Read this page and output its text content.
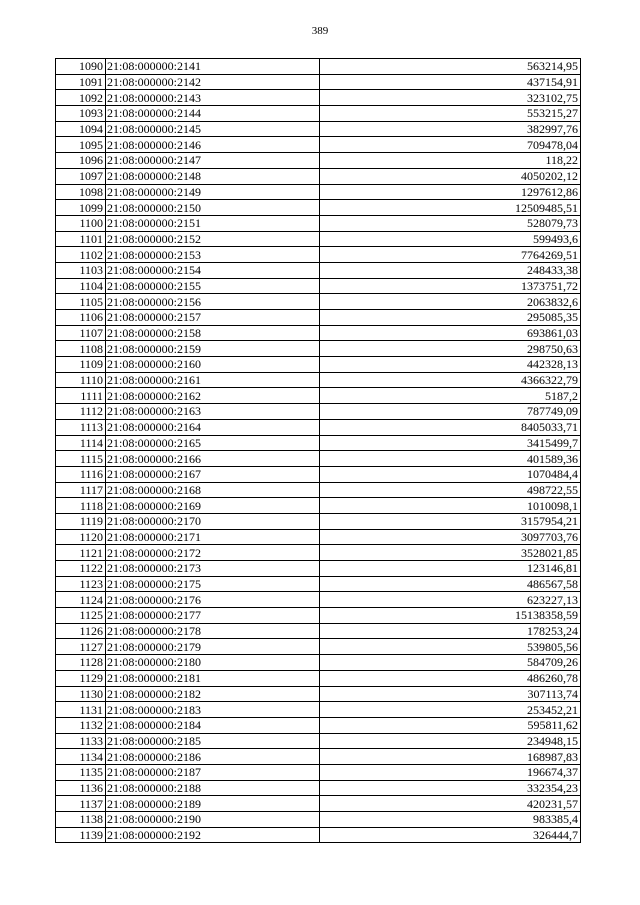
389
1090	21:08:000000:2141	563214,95
1091	21:08:000000:2142	437154,91
1092	21:08:000000:2143	323102,75
1093	21:08:000000:2144	553215,27
1094	21:08:000000:2145	382997,76
1095	21:08:000000:2146	709478,04
1096	21:08:000000:2147	118,22
1097	21:08:000000:2148	4050202,12
1098	21:08:000000:2149	1297612,86
1099	21:08:000000:2150	12509485,51
1100	21:08:000000:2151	528079,73
1101	21:08:000000:2152	599493,6
1102	21:08:000000:2153	7764269,51
1103	21:08:000000:2154	248433,38
1104	21:08:000000:2155	1373751,72
1105	21:08:000000:2156	2063832,6
1106	21:08:000000:2157	295085,35
1107	21:08:000000:2158	693861,03
1108	21:08:000000:2159	298750,63
1109	21:08:000000:2160	442328,13
1110	21:08:000000:2161	4366322,79
1111	21:08:000000:2162	5187,2
1112	21:08:000000:2163	787749,09
1113	21:08:000000:2164	8405033,71
1114	21:08:000000:2165	3415499,7
1115	21:08:000000:2166	401589,36
1116	21:08:000000:2167	1070484,4
1117	21:08:000000:2168	498722,55
1118	21:08:000000:2169	1010098,1
1119	21:08:000000:2170	3157954,21
1120	21:08:000000:2171	3097703,76
1121	21:08:000000:2172	3528021,85
1122	21:08:000000:2173	123146,81
1123	21:08:000000:2175	486567,58
1124	21:08:000000:2176	623227,13
1125	21:08:000000:2177	15138358,59
1126	21:08:000000:2178	178253,24
1127	21:08:000000:2179	539805,56
1128	21:08:000000:2180	584709,26
1129	21:08:000000:2181	486260,78
1130	21:08:000000:2182	307113,74
1131	21:08:000000:2183	253452,21
1132	21:08:000000:2184	595811,62
1133	21:08:000000:2185	234948,15
1134	21:08:000000:2186	168987,83
1135	21:08:000000:2187	196674,37
1136	21:08:000000:2188	332354,23
1137	21:08:000000:2189	420231,57
1138	21:08:000000:2190	983385,4
1139	21:08:000000:2192	326444,7
